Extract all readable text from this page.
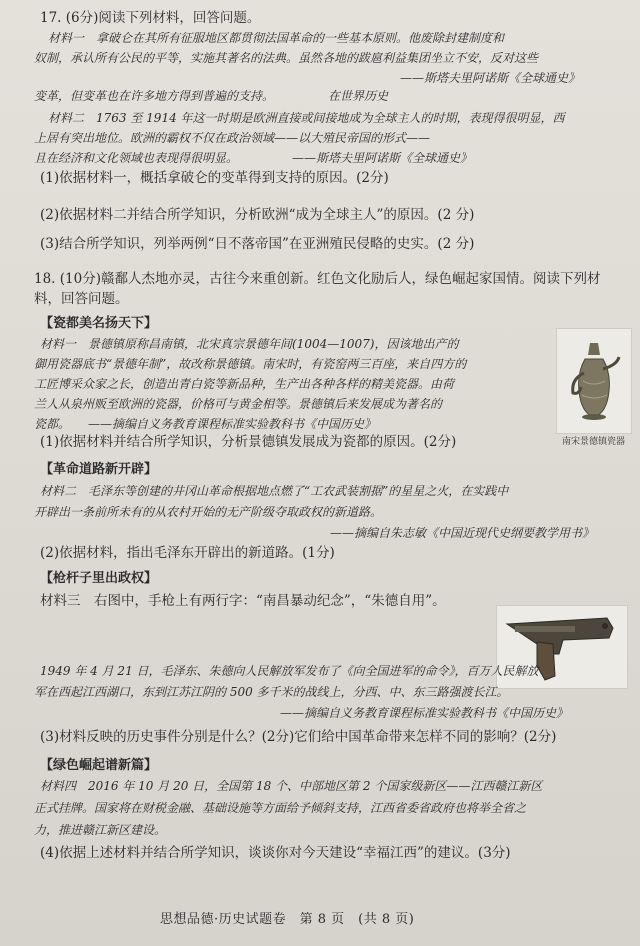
17. (6分)阅读下列材料，回答问题。
材料一　拿破仑在其所有征服地区都贯彻法国革命的一些基本原则。他废除封建制度和
奴制，承认所有公民的平等，实施其著名的法典。虽然各地的跋扈利益集团坐立不安，反对这些
——斯塔夫里阿诺斯《全球通史》
变革，但变革也在许多地方得到普遍的支持。　　　　　在世界历史
材料二　1763 至 1914 年这一时期是欧洲直接或间接地成为全球主人的时期，表现得很明显，西
上居有突出地位。欧洲的霸权不仅在政治领域——以大殖民帝国的形式——
且在经济和文化领域也表现得很明显。　　　　　——斯塔夫里阿诺斯《全球通史》
(1)依据材料一，概括拿破仑的变革得到支持的原因。(2分)
(2)依据材料二并结合所学知识，分析欧洲“成为全球主人”的原因。(2 分)
(3)结合所学知识，列举两例“日不落帝国”在亚洲殖民侵略的史实。(2 分)
18. (10分)赣鄱人杰地亦灵，古往今来重创新。红色文化励后人，绿色崛起家国情。阅读下列材
料，回答问题。
【瓷都美名扬天下】
材料一　景德镇原称昌南镇，北宋真宗景德年间(1004—1007)，因该地出产的
御用瓷器底书“景德年制”，故改称景德镇。南宋时，有瓷窑两三百座，来自四方的
工匠博采众家之长，创造出青白瓷等新品种，生产出各种各样的精美瓷器。由荷
兰人从泉州贩至欧洲的瓷器，价格可与黄金相等。景德镇后来发展成为著名的
瓷都。　　——摘编自义务教育课程标准实验教科书《中国历史》
(1)依据材料并结合所学知识，分析景德镇发展成为瓷都的原因。(2分)	南宋景德镇瓷器
【革命道路新开辟】
材料二　毛泽东等创建的井冈山革命根据地点燃了“工农武装割据”的星星之火，在实践中
开辟出一条前所未有的从农村开始的无产阶级夺取政权的新道路。
——摘编自朱志敏《中国近现代史纲要教学用书》
(2)依据材料，指出毛泽东开辟出的新道路。(1分)
【枪杆子里出政权】
材料三　右图中，手枪上有两行字：“南昌暴动纪念”，“朱德自用”。
1949 年 4 月 21 日，毛泽东、朱德向人民解放军发布了《向全国进军的命令》，百万人民解放
军在西起江西湖口，东到江苏江阴的 500 多千米的战线上，分西、中、东三路强渡长江。
——摘编自义务教育课程标准实验教科书《中国历史》
(3)材料反映的历史事件分别是什么？(2分)它们给中国革命带来怎样不同的影响？(2分)
【绿色崛起谱新篇】
材料四　2016 年 10 月 20 日，全国第 18 个、中部地区第 2 个国家级新区——江西赣江新区
正式挂牌。国家将在财税金融、基础设施等方面给予倾斜支持，江西省委省政府也将举全省之
力，推进赣江新区建设。
(4)依据上述材料并结合所学知识，谈谈你对今天建设“幸福江西”的建议。(3分)
思想品德·历史试题卷　第 8 页　(共 8 页)
